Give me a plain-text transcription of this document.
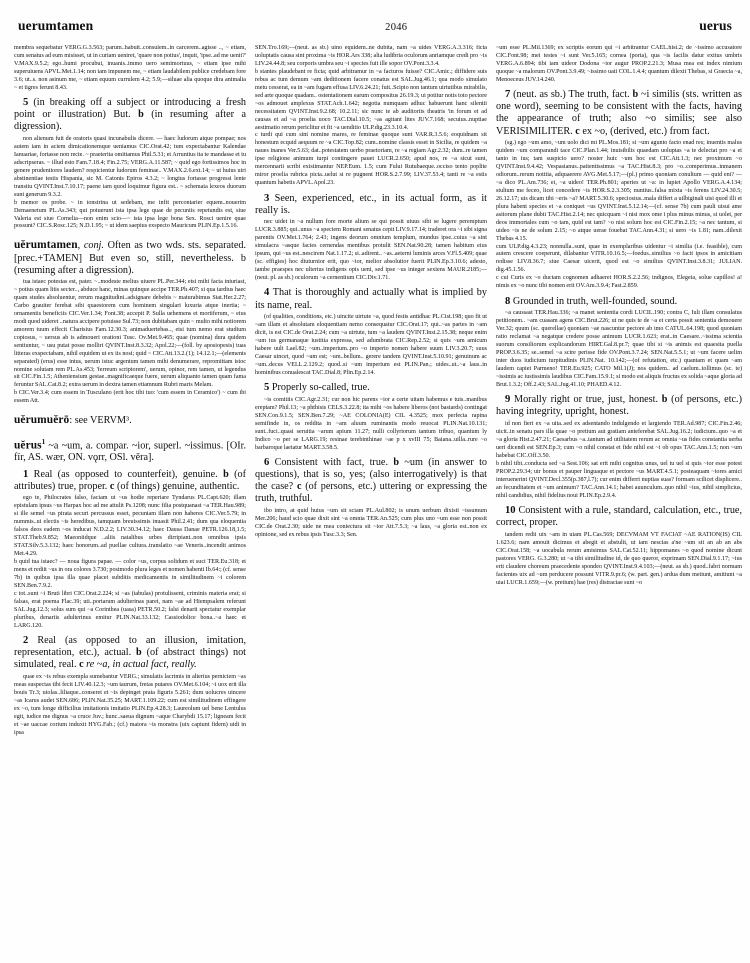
uerumtamen	2046	uerus

membra sequebatur VERG.G.3.563; parum..habuit..consulem..in carcerem..agisse .., ~ etiam, cum senatus ad eum misisset, ut in curiam ueniret, 'quare non potius', inquit, 'ipse..ad me uenit?' V.MAX.9.5.2; ego..humi procubui, inuanis..immo uero semimortuus, ~ etiam ipse mihi superuiuens APVL.Met.1.14; non tam impunem me, ~ etiam laudabilem publice credebam fore 3.6; ut..s. non asinum me, ~ etiam equum currulem 4.2; 5.9;—siluae alia quoque dira animalia ~ et tigres ferunt 8.43.

5 (in breaking off a subject or introducing a fresh point or illustration) But. b (in resuming after a digression).

non alienum fuit de oratoris quasi incunabulis dicere. — haec ludorum atque pompae; nos autem iam in aciem dimicationemque ueniamus CIC.Orat.42; tum expectabantur Kalendae Ianuariae, fortasse non recte. ~ praeterita omittamus Phil.5.31; et Arruntius ita te mandasse et tu adscripseras. ~ illud esto Fam.7.18.4; Fin.2.75; VERG.A.11.587; ~ quid ego fortissimos hoc in genere prudentiores laudem? respicientur ludorum feminae.. V.MAX.2.6.ext.14; ~ ut huius uiri abstinentiae testis Hispania, sic M. Catonis Epiros 4.3.2; ~ longius fortasse progressi lente transitu QVINT.Inst.7.10.17; paene iam quod loquimur figura est.. ~ schemata lexeos duorum sunt generum 9.3.2.

b memor es probe. ~ in tonstrina ut sedebam, me infit percontarier equem..nouerim Demaenetum PL.As.343; qui potuerunt ista ipsa lege quae de pecuniis repetundis est, siue Valeria est siue Cornelia—non enim scio—~ ista ipsa lege bona Sex. Rosci uenire quae possunt? CIC.S.Rosc.125; N.D.1.95; ~ ut idem saepius exspecto Mauricum PLIN.Ep.1.5.16.

uĕrumtamen, conj. Often as two wds. sts. separated. [prec.+TAMEN] But even so, still, nevertheless. b (resuming after a digression).

tua istaec potestas est, pater. ~..modeste melius uiuere PL.Per.344; etsi mihi facta iniuriast, ~ potius quam litis secter.., abduce hanc, minas quinque accipe TER.Ph.407; si qua tardius haec quam studes absoluentur, rerum magnitudini..adsignare debebis ~ maturabimus Stat.Her.2.27; Carbo grauiter ferebat sibi quaestorem cum hominem singulari luxuria atque inertia; ~ ornamentis beneficiis CIC.Ver.1.34; Font.38; accepit P. Sulla uehemens et mortiferum, ~ eius modi quod uideret ..natura accipere potuisse Sul.73; non dubitabam quin ~ multo mihi notiorem amorem tuum effecit Charisius Fam.12.30.3; animaduertebas.., etsi tum nemo erat studium copiosus, ~ uersus ab is admoueri orationi Tusc. Ov.Met.9.465; quae (nomina) dura quidem sentiuntur, ~ usu putat posse molliri QVINT.Inst.8.3.32; Apol.22;—(foll. by aposiopesis) tuas litteras exspectabam, nihil equidem ut ex iis nosi; quid ~ CIC.Att.13.2.(1); 14.12.1;—(elements separated) (erus) esse intus, uerum istuc argentum tamen mihi denumerare, repromittam istoc nomine solutam rem PL.As.453; 'ferreum scriptorem', uerum, opinor, rem tamen, ut legendus sit CIC.Fin.1.5; Atheniensium gestae..magnificaeque fuere, uerum aliquanto tamen quam fama feruntur SAL.Cat.8.2; extra uerum in dextra tamen etiamnum Rubri maris Melam.

b CIC.Ver.3.4; cum essem in Tusculano (erit hoc tibi tuo: 'cum essem in Ceramico') ~ cum ibi essem Att.

uĕrumuĕrō: see VERVM³.

uĕrus$^1$ ~a ~um, a. compar. ~ior, superl. ~issimus. [OIr. fír, AS. wær, ON. vǫrr, OSl. věra].

1 Real (as opposed to counterfeit), genuine. b (of attributes) true, proper. c (of things) genuine, authentic.

ego te, Philocrates falso, faciam ut ~us hodie reperiare Tyndarus PL.Capt.620; illam epistulam ipsus ~us Harpax hoc ad me attulit Ps.1208; nunc filia postquanast ~a TER.Hau.989; si ille semel ~us pirata securi percussus esset, pecuniam illam non haberes CIC.Ver.5.79; in nummis..ui electis ~is heredibus, tamquam breuissimis inuasit Phil.2.41; dum qua eloquentia falsos deos eadem ~os inducat N.D.2.2; LIV.30.34.12; haec Dausa Danae PETR.126.18,1.5; STAT.Theb.9.852; Maeoniidque ..aliis natalibus urbes dirripiant..non omnibus ipsis STAT.Silv.5.3.132; haec honorum..ad puellae cultura..translatio ~ae Veneris..incendit animos Met.4.29.

b quid tua istaec? — noua figura papae. — color ~us, corpus solidum et suci TER.Eu.318; et mens et rediit ~us in ora colores 3.730; postmodo plura leges et nomen habenti Ib.64:; (cf. sense 7b) in quibus ipsa illa quae placet subditis medicamentis in similitudinem ~i colorem SEN.Ben.7.9.2.

c tot..sunt ~i Bruti libri CIC.Orat.2.224; si ~as (tabulas) protulissent, criminis materia erat; si falsas, erat poema Flac.39; uti..portarum adulterinas paret, nam ~ae ad Hiempsalem referunt SAL.Jug.12.3; solus sum qui ~a Corinthea (uasa) PETR.50.2; falsi denarii spectatur exemplar pluribus, denariis adulterinus emitur PLIN.Nat.33.132; Cassiodolice bona..~a haec et LARG.120.

2 Real (as opposed to an illusion, imitation, representation, etc.), actual. b (of abstract things) not simulated, real. c re ~a, in actual fact, really.

quae ex ~is rebus exempla sumebantur VERG.; simulatis lacrimis in alterius perniciem ~as meas suspectas tibi fecit LIV.40.12.3; ~um taurum, fretas putares OV.Met.6.104; ~i uox erit illa bouis Tr.3; uiolas..liliaque..conseret et ~is depinget prata figuris 5.261; dum uolucres uincere ~as Icarus audet SEN.686; PLIN.Nat.35.25; MART.1.109.22; cum est similitudinem effingere ex ~o, tum longe difficilius imitationis imitatio PLIN.Ep.4.28.3; Laureolum uel bene Lentulus egit, iudice me dignus ~a cruce Juv.; hunc..saeua dignum ~aque Charybdi 15.17; ligneam fecit et ~ae uaccae corium induxit HYG.Fab.; (cf.) maiora ~is monstra (uix capiunt fidem) uidi in ipsa

SEN.Tro.169;—(neut. as sb.) uino equidem..ne dubita, nam ~a uides VERG.A.3.316; ficta uoluptatis causa sint proxima ~is HOR.Ars 338; alia ludibria oculorum anriamque credi pro ~is LIV.24.44.8; seu corporis umbra seu ~i species fuit ille sopor OV.Pont.3.3.4.

b stantes plaudebant re ficta; quid arbitramur in ~a facturos fuisse? CIC.Amic.; diffidere suis rebus ac tum demum ~am deditionem facere conatus est SAL.Jug.46.1; qua modo simulato metu cesserat, ea in ~am fugam effusa LIV.6.24.21; fuit..Scipio non tantum uirtutibus mirabilis, sed arte quoque quadam.. ostentationem earum compositus 26.19.3; ui potitur notis toto pectore ~os admouet amplexus STAT.Ach.1.642; negotia numquam adhuc habuerunt hanc silentii necessitatem QVINT.Inst.9.2.68; 10.2.11; sic nunc te ab auditoriis theatris 'in forum et ad causas et ad ~a proelia uoco TAC.Dial.10.5; ~as agitant lites JUV.7.168; secuius..nuptiae aestimatio rerum periclitur et fit ~a uenditio ULP.dig.23.3.10.4.

c turdi qui cum sint nomine mares, re feminae quoque sunt VAR.R.3.5.6; eoquidnam sit honestum ecquid aequum re ~a CIC.Top.82; cum..nomine classis esset in Sicilia, re quidem ~a naues inanes Ver.5.63; dat..potestatem uerbo praetoriam, re ~a regiam Agr.2.32; dum..re tamen ipse religione animum turpi contingere pauet LUCR.2.650; apud nos, re ~a sicut sunt, mercennarii scribi existimantur NEP.Eum. 1.5; cum Fului Rutubaeque..occiso tento poplite miror proelia rubrica picta..uelut si re pugnent HOR.S.2.7.99; LIV.37.53.4; tanti re ~a estis quantum habetis APVL.Apol.23.

3 Seen, experienced, etc., in its actual form, as it really is.

nec uidet in ~a nullum fore morte alium se qui possit uiuus sibi se lugere peremptum LUCR.3.885; qui..unus ~a speciem Romani senatus cepit LIV.9.17.14; traderet ora ~i sibi signa parentis OV.Met.1.764; 2.43; ingens deorum omnium templum, mundus ipse..cuius ~a sint simulacra ~asque facies cernendas mentibus protulit SEN.Nat.90.28; tamen habitum eius ipsum, qui ~us est..nescirem Nat.1.17.2; si..adirent.. ~as..aeterni luminis arces V.Fl.5.409; quae (sc. effigies) hoc diuturnior erit, quo ~ior, melior absolutior fuerit PLIN.Ep.3.10.6; adesto, iambe praespes nec ulterius indigens opis ueni, sed ipse ~us integer sexiens MAUR.2185;—(neut. pl. as sb.) oculorum ~a cernentium CIC.Div.1.71.

4 That is thoroughly and actually what is implied by its name, real.

(of qualities, conditions, etc.) uincite uirtute ~a, quod festis antidhac PL.Cist.198; quo fit ut ~am illam et absolutam eloquentiam nemo consequatur CIC.Orat.17; qui..~as partes in ~am dicit, is est CIC.de Orat.2.24; cum ~a uirtute, tum ~a laudem QVINT.Inst.2.15.38; neque enim ~um ius germanaque iustitia expressa, sed adumbrata CIC.Rep.2.52; si quis ~um amicum habere uult Lael.82; ~um..imperium..pro ~o imperio nomen habere suum LIV.3.20.7; suus Caesar uincet, quod ~um est; ~um..bellum.. gerere tandem QVINT.Inst.5.10.91; genuinum ac ~um..decus VELL.2.129.2; quod..si ~um imperium est PLIN.Pan.; uides..ut..~a laus..in hominibus conualescat TAC.Dial.8; Plin.Ep.2.14.

5 Properly so-called, true.

~is comitiis CIC.Agr.2.31; cur non hic parens ~ior a certe uitam habemus e tuis..manibus ereptam? Phil.13; ~a phthisis CELS.3.22.8; ita mihi ~os habere liberos (not bastards) contingat SEN.Con.9.1.5; SEN.Ben.7.29; ~AE COLONIA(E) CIL 4.3525; mox perfecta rapina semifinde in, os reddita in ~am aluum ruminantis modo reuocat PLIN.Nat.10.131; sunt..fuci..quasi seruitia ~arum apium 11.27; nulli collyriorum tantum tribuo, quantum ly Indico ~o per se LARG.19; resinae terebinthinae ~ae p x xvIII 75; Baiana..uilla..rure ~o barbaroque laetatur MART.3.58.5.

6 Consistent with fact, true. b ~um (in answer to questions), that is so, yes; (also interrogatively) is that the case? c (of persons, etc.) uttering or expressing the truth, truthful.

ibo intro, at quid huius ~um sit sciam PL.Aul.802; is unum uerbum dixisti ~issumum Mer.206; haud scio quae dixit sint ~a omnia TER.An.525; cum plus uno ~um esse non possit CIC.de Orat.2.30; uide ne mea coniectura sit ~ior Att.7.5.3; ~a laus, ~a gloria est..non ex opinione, sed ex rebus ipsis Tusc.3.3; Sen.

~um esse PL.Mil.1369; ex scriptis eorum qui ~i arbitrantur CAEL.hist.2; de ~issimo accusatore CIC.Font.98; mei testes ~i sunt Ver.5.165; cornea (porta), qua ~is facilis datur exitus umbris VERG.A.6.894; tibi iam uideor Dodona ~ior augur PROP.2.21.3; Musa mea est index nimium quoque ~a malorum OV.Pont.3.9.49; ~issimo uati COL.1.4.4; quantum dilexit Thebas, si Graecia ~a, Menoeceus JUV.14.240.

7 (neut. as sb.) The truth, fact. b ~i similis (sts. written as one word), seeming to be consistent with the facts, having the appearance of truth; also ~o similis; see also VERISIMILITER. c ex ~o, (derived, etc.) from fact.

(sg.) ego ~um amo, ~um uolo dici mi PL.Mos.181; si ~um agunto facto enad res; inuentis malus quidem ~um comparandi tace CIC.Plan.1.44; inuisibilis quaedam uoluptas ~a te delectat pro ~a et tanto in ius; tam suspicio uero? noster huic ~um hoc est CIC.Att.1.3; nec proximum ~o QVINT.Inst.9.4.42; Vespasianus..patientissimus ~a TAC.Hist.8.3; pro ~o..comperimus..inmanem odiorum..rerum notitia, adquaerere AVG.Met.5.17;—(pl.) primo quoniam conultum — quid eni? — ~a dico PL.Am.736; ei, ~a uideo! TER.Ph.801; aperies ut ~a: in lupiet Apollo VERG.A.4.134; stultum me feceo, licet concedere ~is HOR.S.2.3.305; nuntius..falsa mixta ~is ferens LIV.24.30.5; 26.12.17; uis dicam tibi ~eris ~a? MART.5.30.6; speciosius..mala differt a uilbiginali uisi quod illi et plura habent species et ~a coniquet ~us QVINT.Inst.5.12.14;—(cf. sense 7b) cum pauli uisui ame asitorum plane dubii TAC.Hist.2.14; nec quicquam ~i nisi mox ome i plus minus minus, si uolet, per deos immortales cum ~o tam, quid est tam? ~o nisi solum hoc est CIC.Fin.2.15; ~a nec tantum, si uideo ~is ne de solum 2.15; ~o atque uerae fouebat TAC.Ann.4.31; si uero ~is 1.81; nam..dilexit Thebas 4.15.

cum ULP.dig.4.3.23; nonnulla..sunt, quae in exemplaribus uidentur ~i similia (i.e. feasible), cum autem crescere coeperunt, dilabantur VITR.10.16.5;—foedus..similius ~o facit ipsos in amicitiam redisse LIV.8.36.7; siue Caesar uicerit, quod est ~o similius QVINT.Inst.3.8.31; JULIAN. dig.45.1.56.

c cui Curis ex ~o ductam cognomen adhaeret HOR.S.2.2.56; indignos, Elegeia, solue capillos! a! nimis ex ~o nunc tibi nomen erit OV.Am.3.9.4; Fast.2.859.

8 Grounded in truth, well-founded, sound.

~a caussast TER.Hau.336; ~a manet sententia cordi LUCIL.190; contra C, Iuli illam consulatus petitionem.. ~am cuasam agens CIC.Brut.226; ut ne quis te de ~a et certa possit sententia demouere Ver.32; quum (sc. querellae) quoniam ~ae nascuntur pectore ab imo CATUL.64.198; quod quoniam ratio reclamat ~a negatque credere posse animum LUCR.1.623; erat..in Caesare..~issima scientia suorum consiliorum explicandorum HIRT.Gal.8.pr.7; quae tibi si ~is animis est quaesita puella PROP.3.6.35; se..semel ~a scire perisse fide OV.Pont.3.7.24; SEN.Nat.5.5.1; ut ~um facere uelim inter duos iudicium turpitudinis PLIN.Nat. 10.142;—(of refutation, etc.) quantam et quam ~am laudem capiet Parmeno! TER.Eu.925; CATO Mil.1(J); nos quidem.. ad caelum..tollimus (sc. te) ~issimis ac iustissimis laudibus CIC.Fam.15.9.1; si modo est aliquis fructus ex solida ~aque gloria ad Brut.1.3.2; Off.2.43; SAL.Jug.41.10; PHAED.4.12.

9 Morally right or true, just, honest. b (of persons, etc.) having integrity, upright, honest.

id non fieri ex ~a uita..sed ex adsentando indulgendo et largiendo TER.Ad.987; CIC.Fin.2.46; uicit..in senatu pars illa quae ~o pretium aut gratiam anteferebat SAL.Jug.16.2; iudicium..quo ~a et ~a gloria Hist.2.47.21; Caesarbus ~a..tantum ad utilitatem rerum ac omnia ~us fides constantia uerba ueri dicendi est SEN.Ep.3; cum ~o nihil constat et fide nihil est ~i ob opus TAC.Ann.1.5; non ~um habebat CIC.Off.3.50.

b nihil tibi..conducta sed ~a Sest.106; sat erit mihi cognitus unus, uel tu uel si quis ~ior esse potest PROP.2.29.34; uir bonus et pauper linguaque et pectore ~us MART.4.5.1; posteaquam ~iores amici interuenerint QVINT.Decl.355(p.387,l.7); cur enim differri nuptias suas? formam scilicet displicere.. an fecunditatem et ~um animum? TAC.Ann.14.1; habet auunculum..quo nihil ~ius, nihil simplicius, nihil candidius, nihil fidelius noui PLIN.Ep.2.9.4.

10 Consistent with a rule, standard, calculation, etc., true, correct, proper.

tandem redii uix ~am in uiam PL.Cas.569; DECVMAM VT FACIAT ~AE RATION(IS) CIL 1.623.6; nam amouit dicimus et abegit et abstulit, ut iam nescias a'ne ~um sit an ab an abs CIC.Orat.158; ~a uocabula rerum amisimus SAL.Cat.52.11; hippomanes ~o quod nomine dicunt pastores VERG. G.3.280; ut ~a tibi similitudine id, de quo queror, exprimam SEN.Dial.9.1.17; ~ius erit claudere choreum praecedente spondeo QVINT.Inst.9.4.103;—(neut. as sb.) quod..fabri normam facientes uix ad ~um perducere possunt VITR.9.pr.6; (w. part. gen.) ardua dum metiunt, amittunt ~a uiai LUCR.1.659;—(w. pretium) hae (res) distractae sunt ~o
